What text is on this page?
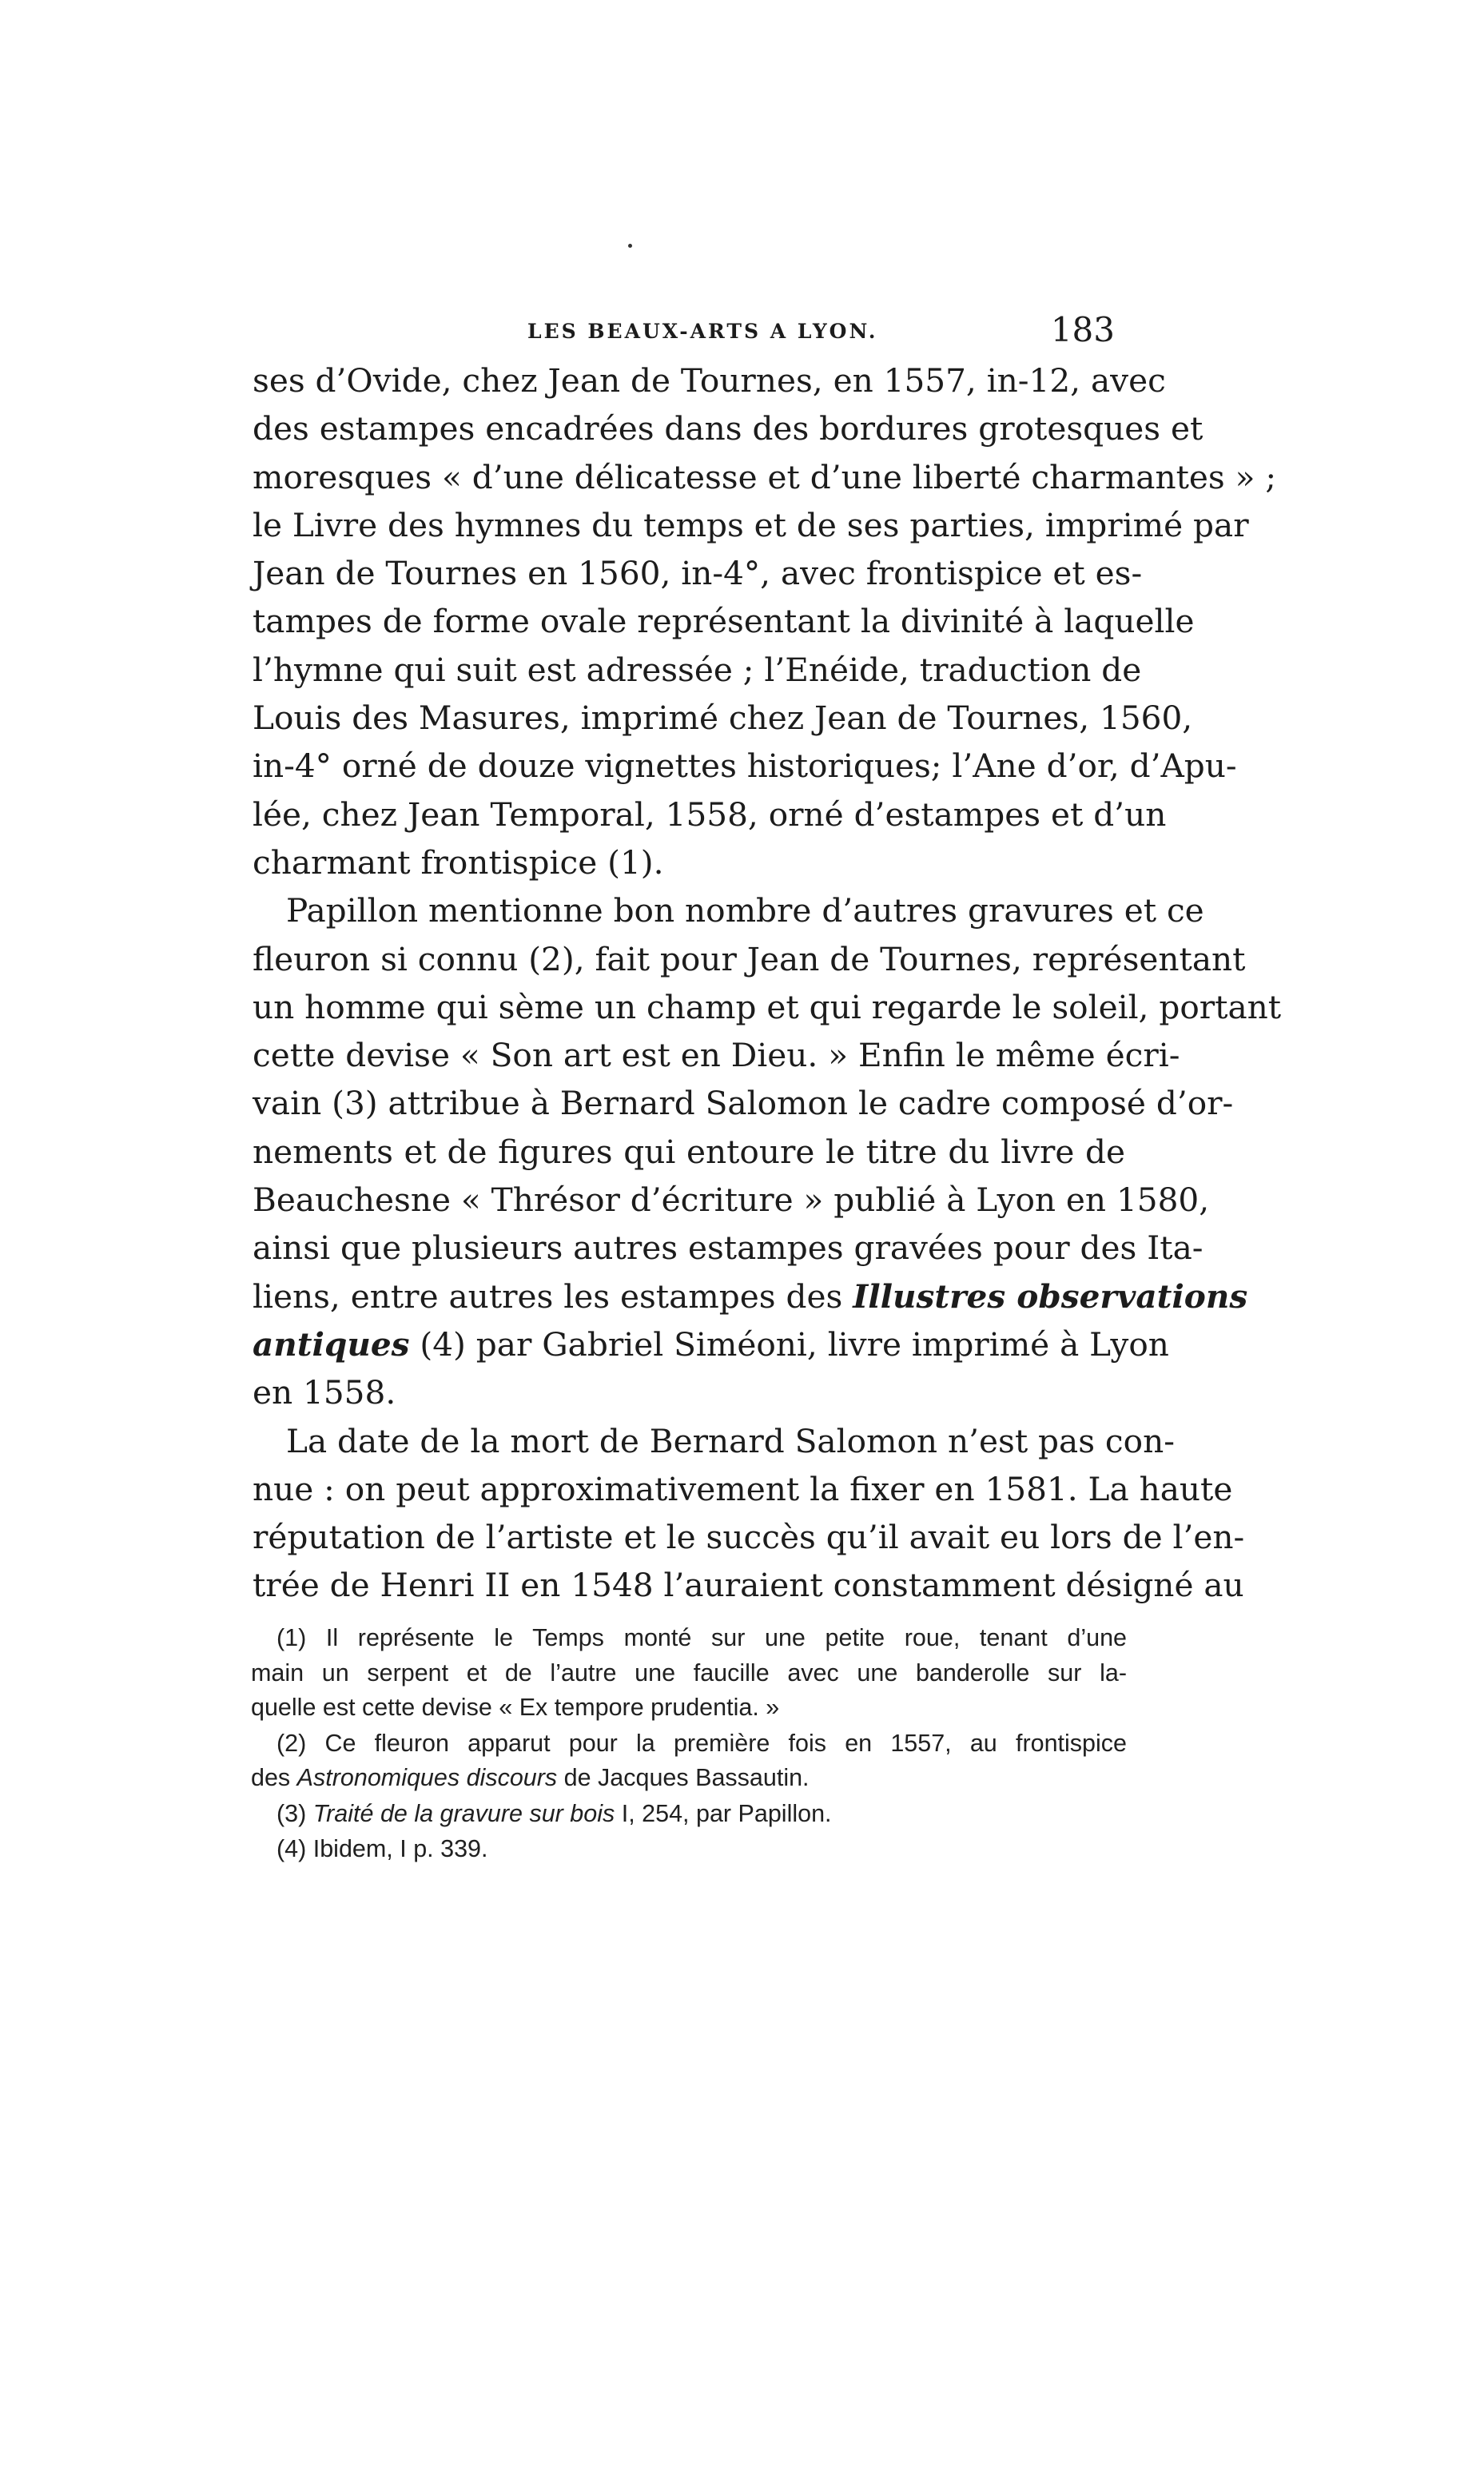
LES BEAUX-ARTS A LYON.	183
ses d’Ovide, chez Jean de Tournes, en 1557, in-12, avec
des estampes encadrées dans des bordures grotesques et
moresques « d’une délicatesse et d’une liberté charmantes » ;
le Livre des hymnes du temps et de ses parties, imprimé par
Jean de Tournes en 1560, in-4°, avec frontispice et es-
tampes de forme ovale représentant la divinité à laquelle
l’hymne qui suit est adressée ; l’Enéide, traduction de
Louis des Masures, imprimé chez Jean de Tournes, 1560,
in-4° orné de douze vignettes historiques; l’Ane d’or, d’Apu-
lée, chez Jean Temporal, 1558, orné d’estampes et d’un
charmant frontispice (1).
Papillon mentionne bon nombre d’autres gravures et ce
fleuron si connu (2), fait pour Jean de Tournes, représentant
un homme qui sème un champ et qui regarde le soleil, portant
cette devise « Son art est en Dieu. » Enfin le même écri-
vain (3) attribue à Bernard Salomon le cadre composé d’or-
nements et de figures qui entoure le titre du livre de
Beauchesne « Thrésor d’écriture » publié à Lyon en 1580,
ainsi que plusieurs autres estampes gravées pour des Ita-
liens, entre autres les estampes des Illustres observations
antiques (4) par Gabriel Siméoni, livre imprimé à Lyon
en 1558.
La date de la mort de Bernard Salomon n’est pas con-
nue : on peut approximativement la fixer en 1581. La haute
réputation de l’artiste et le succès qu’il avait eu lors de l’en-
trée de Henri II en 1548 l’auraient constamment désigné au
(1) Il représente le Temps monté sur une petite roue, tenant d’une
main un serpent et de l’autre une faucille avec une banderolle sur la-
quelle est cette devise « Ex tempore prudentia. »
(2) Ce fleuron apparut pour la première fois en 1557, au frontispice
des Astronomiques discours de Jacques Bassautin.
(3) Traité de la gravure sur bois I, 254, par Papillon.
(4) Ibidem, I p. 339.
